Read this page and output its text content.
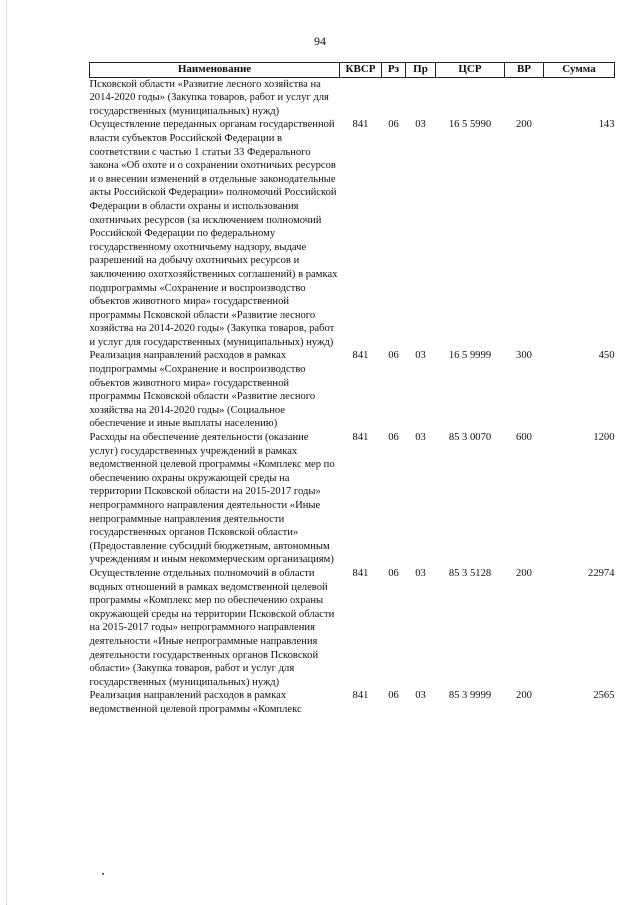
94
Наименование	КВСР	Рз	Пр	ЦСР	ВР	Сумма
Псковской области «Развитие лесного хозяйства на 2014-2020 годы» (Закупка товаров, работ и услуг для государственных (муниципальных) нужд)						
Осуществление переданных органам государственной власти субъектов Российской Федерации в соответствии с частью 1 статьи 33 Федерального закона «Об охоте и о сохранении охотничьих ресурсов и о внесении изменений в отдельные законодательные акты Российской Федерации» полномочий Российской Федерации в области охраны и использования охотничьих ресурсов (за исключением полномочий Российской Федерации по федеральному государственному охотничьему надзору, выдаче разрешений на добычу охотничьих ресурсов и заключению охотхозяйственных соглашений) в рамках подпрограммы «Сохранение и воспроизводство объектов животного мира» государственной программы Псковской области «Развитие лесного хозяйства на 2014-2020 годы» (Закупка товаров, работ и услуг для государственных (муниципальных) нужд)	841	06	03	16 5 5990	200	143
Реализация направлений расходов в рамках подпрограммы «Сохранение и воспроизводство объектов животного мира» государственной программы Псковской области «Развитие лесного хозяйства на 2014-2020 годы» (Социальное обеспечение и иные выплаты населению)	841	06	03	16 5 9999	300	450
Расходы на обеспечение деятельности (оказание услуг) государственных учреждений в рамках ведомственной целевой программы «Комплекс мер по обеспечению охраны окружающей среды на территории Псковской области на 2015-2017 годы» непрограммного направления деятельности «Иные непрограммные направления деятельности государственных органов Псковской области» (Предоставление субсидий бюджетным, автономным учреждениям и иным некоммерческим организациям)	841	06	03	85 3 0070	600	1200
Осуществление отдельных полномочий в области водных отношений в рамках ведомственной целевой программы «Комплекс мер по обеспечению охраны окружающей среды на территории Псковской области на 2015-2017 годы» непрограммного направления деятельности «Иные непрограммные направления деятельности государственных органов Псковской области» (Закупка товаров, работ и услуг для государственных (муниципальных) нужд)	841	06	03	85 3 5128	200	22974
Реализация направлений расходов в рамках ведомственной целевой программы «Комплекс	841	06	03	85 3 9999	200	2565
